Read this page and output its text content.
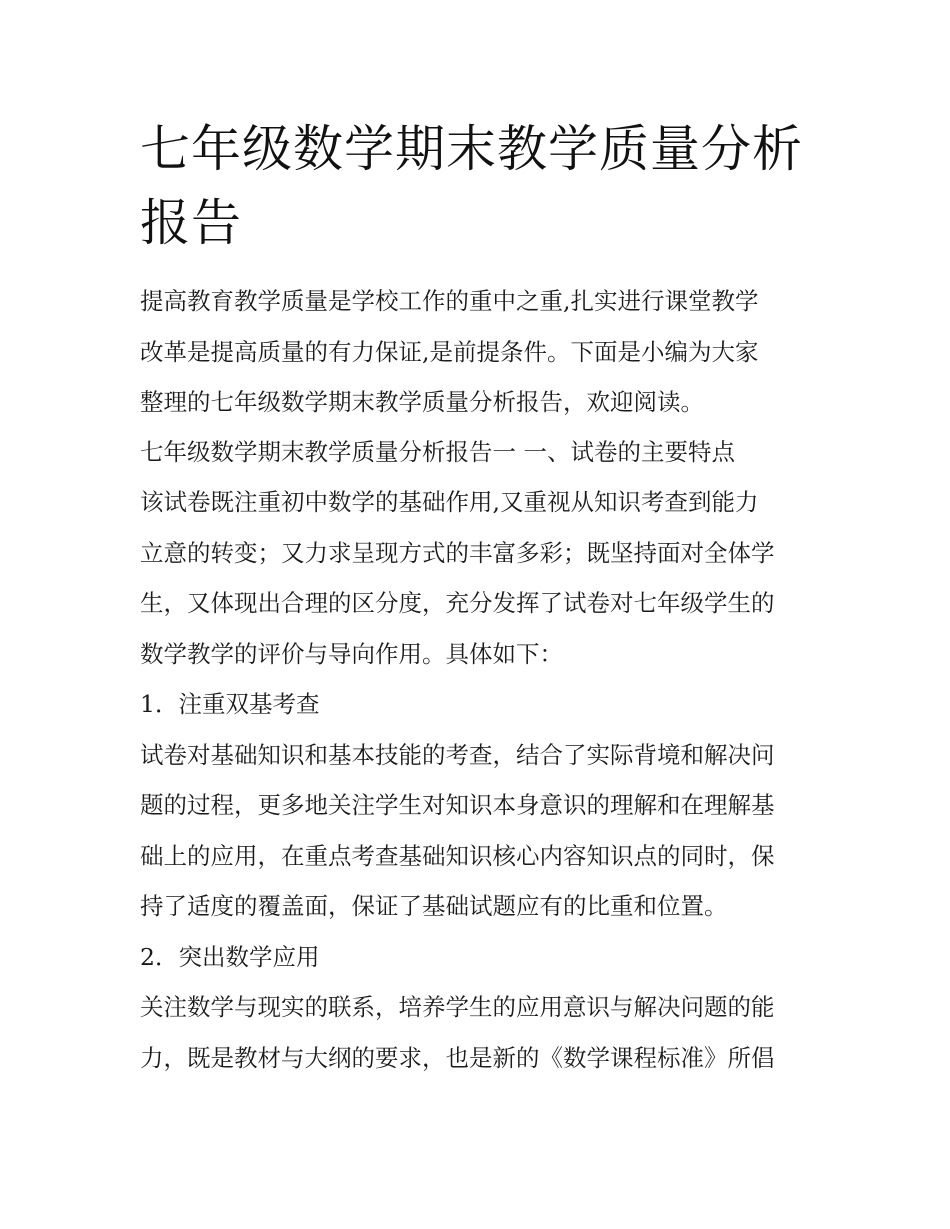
七年级数学期末教学质量分析
报告

提高教育教学质量是学校工作的重中之重,扎实进行课堂教学

改革是提高质量的有力保证,是前提条件。下面是小编为大家

整理的七年级数学期末教学质量分析报告，欢迎阅读。

七年级数学期末教学质量分析报告一 一、试卷的主要特点

该试卷既注重初中数学的基础作用,又重视从知识考查到能力

立意的转变；又力求呈现方式的丰富多彩；既坚持面对全体学

生，又体现出合理的区分度，充分发挥了试卷对七年级学生的

数学教学的评价与导向作用。具体如下：

1．注重双基考查

试卷对基础知识和基本技能的考查，结合了实际背境和解决问

题的过程，更多地关注学生对知识本身意识的理解和在理解基

础上的应用，在重点考查基础知识核心内容知识点的同时，保

持了适度的覆盖面，保证了基础试题应有的比重和位置。

2．突出数学应用

关注数学与现实的联系，培养学生的应用意识与解决问题的能

力，既是教材与大纲的要求，也是新的《数学课程标准》所倡
